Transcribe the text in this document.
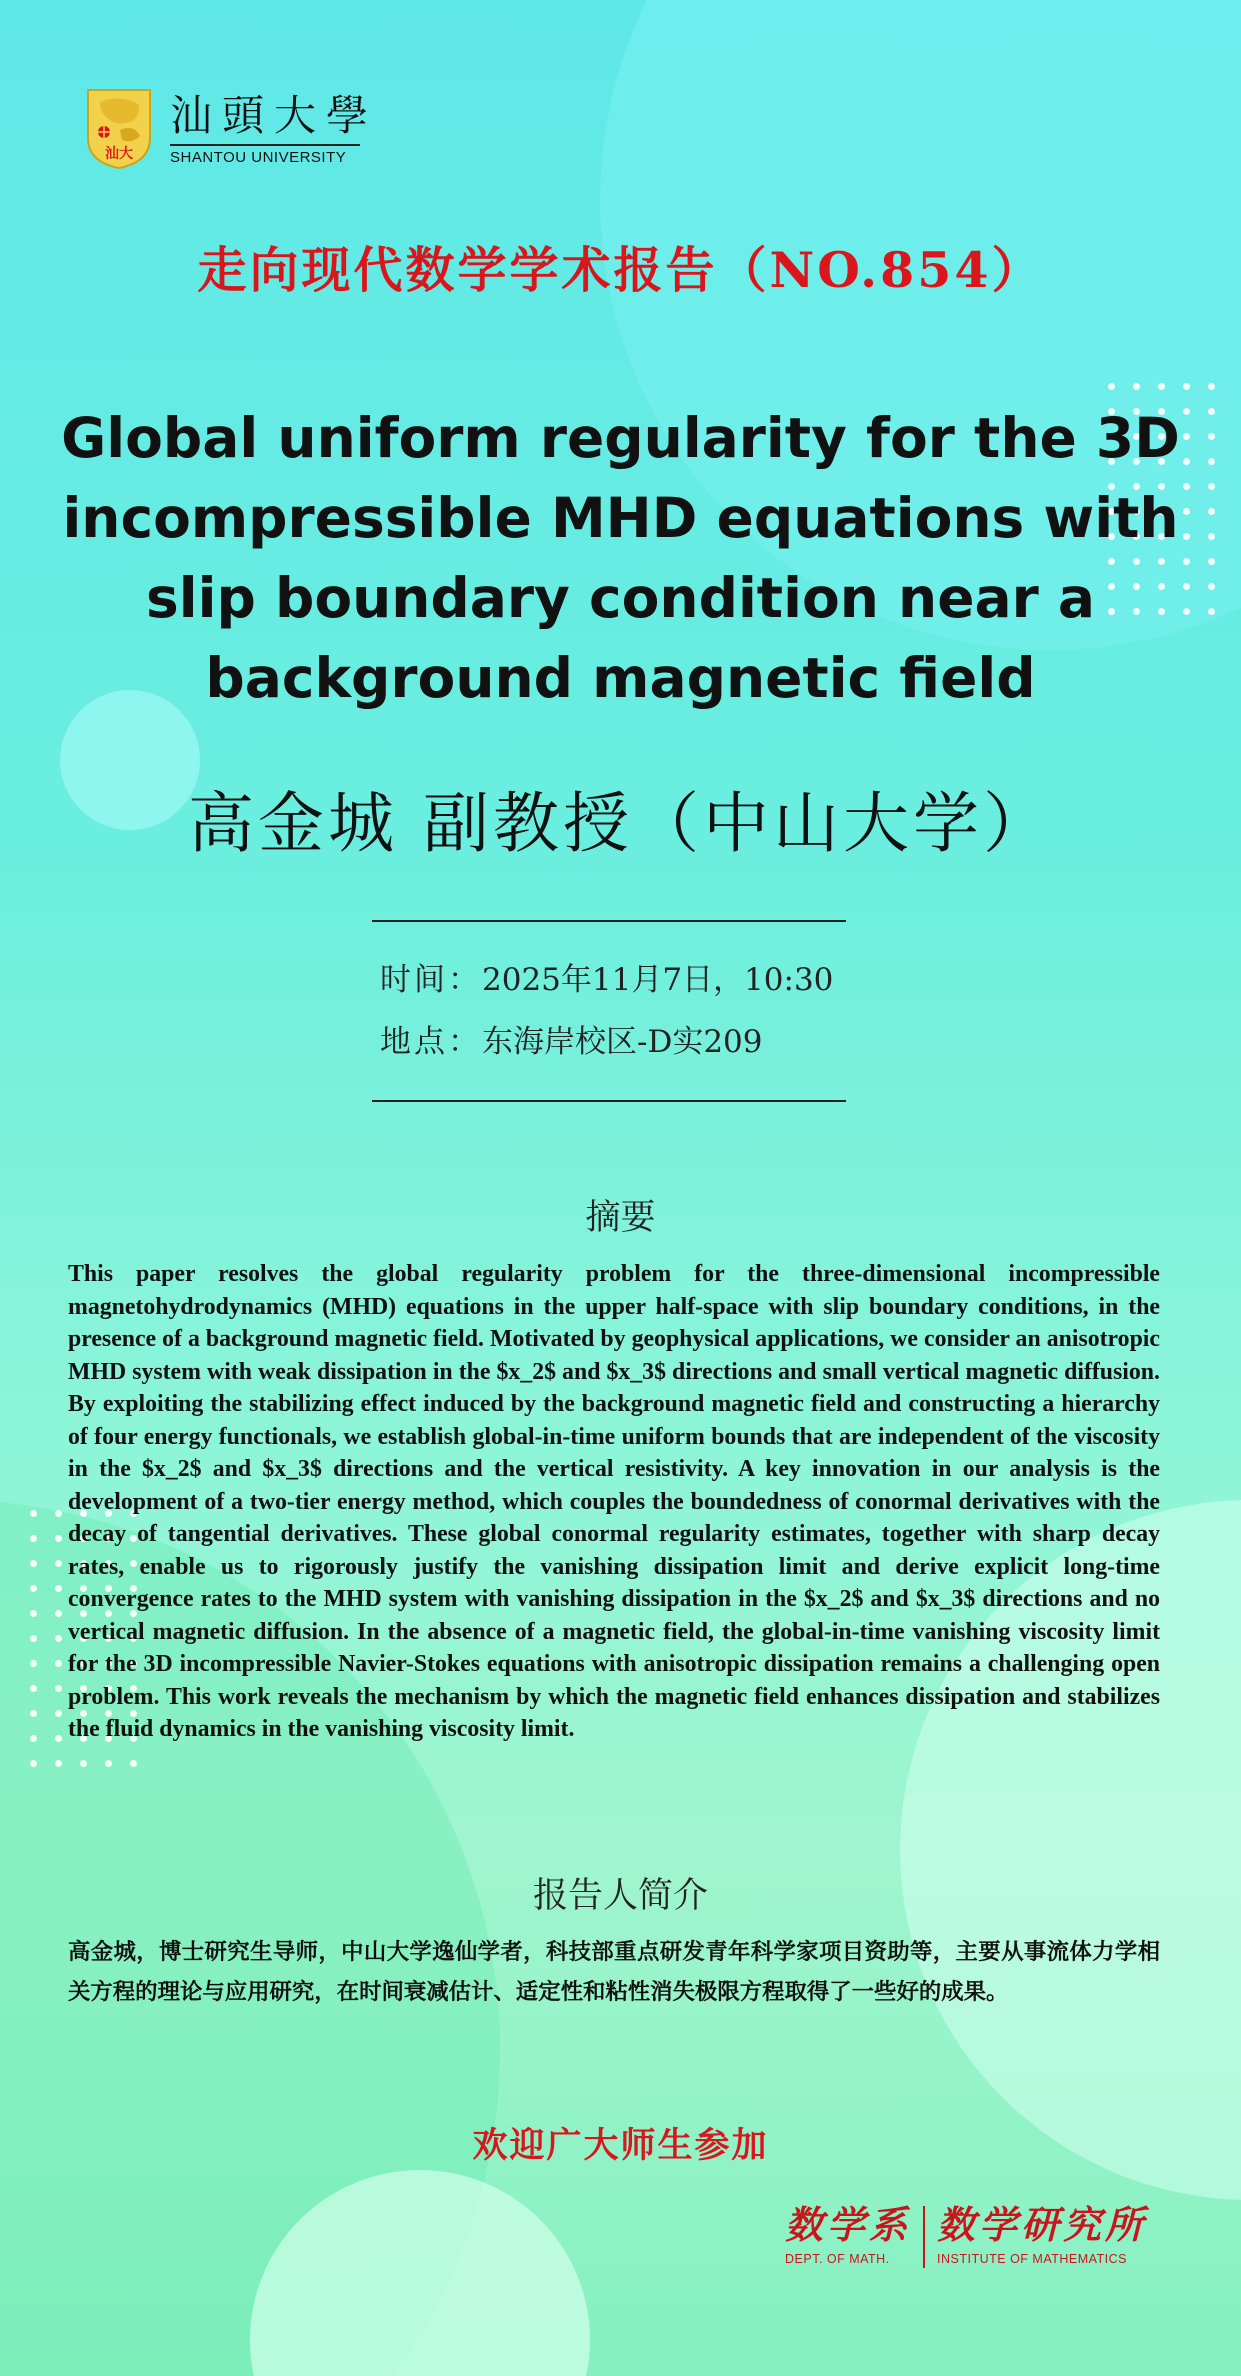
汕大
汕頭大學
SHANTOU UNIVERSITY
走向现代数学学术报告（NO.854）
Global uniform regularity for the 3D incompressible MHD equations with slip boundary condition near a background magnetic field
高金城 副教授（中山大学）
时间：2025年11月7日，10:30
地点：东海岸校区-D实209
摘要
This paper resolves the global regularity problem for the three-dimensional incompressible magnetohydrodynamics (MHD) equations in the upper half-space with slip boundary conditions, in the presence of a background magnetic field. Motivated by geophysical applications, we consider an anisotropic MHD system with weak dissipation in the $x_2$ and $x_3$ directions and small vertical magnetic diffusion. By exploiting the stabilizing effect induced by the background magnetic field and constructing a hierarchy of four energy functionals, we establish global-in-time uniform bounds that are independent of the viscosity in the $x_2$ and $x_3$ directions and the vertical resistivity. A key innovation in our analysis is the development of a two-tier energy method, which couples the boundedness of conormal derivatives with the decay of tangential derivatives. These global conormal regularity estimates, together with sharp decay rates, enable us to rigorously justify the vanishing dissipation limit and derive explicit long-time convergence rates to the MHD system with vanishing dissipation in the $x_2$ and $x_3$ directions and no vertical magnetic diffusion. In the absence of a magnetic field, the global-in-time vanishing viscosity limit for the 3D incompressible Navier-Stokes equations with anisotropic dissipation remains a challenging open problem. This work reveals the mechanism by which the magnetic field enhances dissipation and stabilizes the fluid dynamics in the vanishing viscosity limit.
报告人简介
高金城，博士研究生导师，中山大学逸仙学者，科技部重点研发青年科学家项目资助等，主要从事流体力学相关方程的理论与应用研究，在时间衰减估计、适定性和粘性消失极限方程取得了一些好的成果。
欢迎广大师生参加
数学系
DEPT. OF MATH.
数学研究所
INSTITUTE OF MATHEMATICS
